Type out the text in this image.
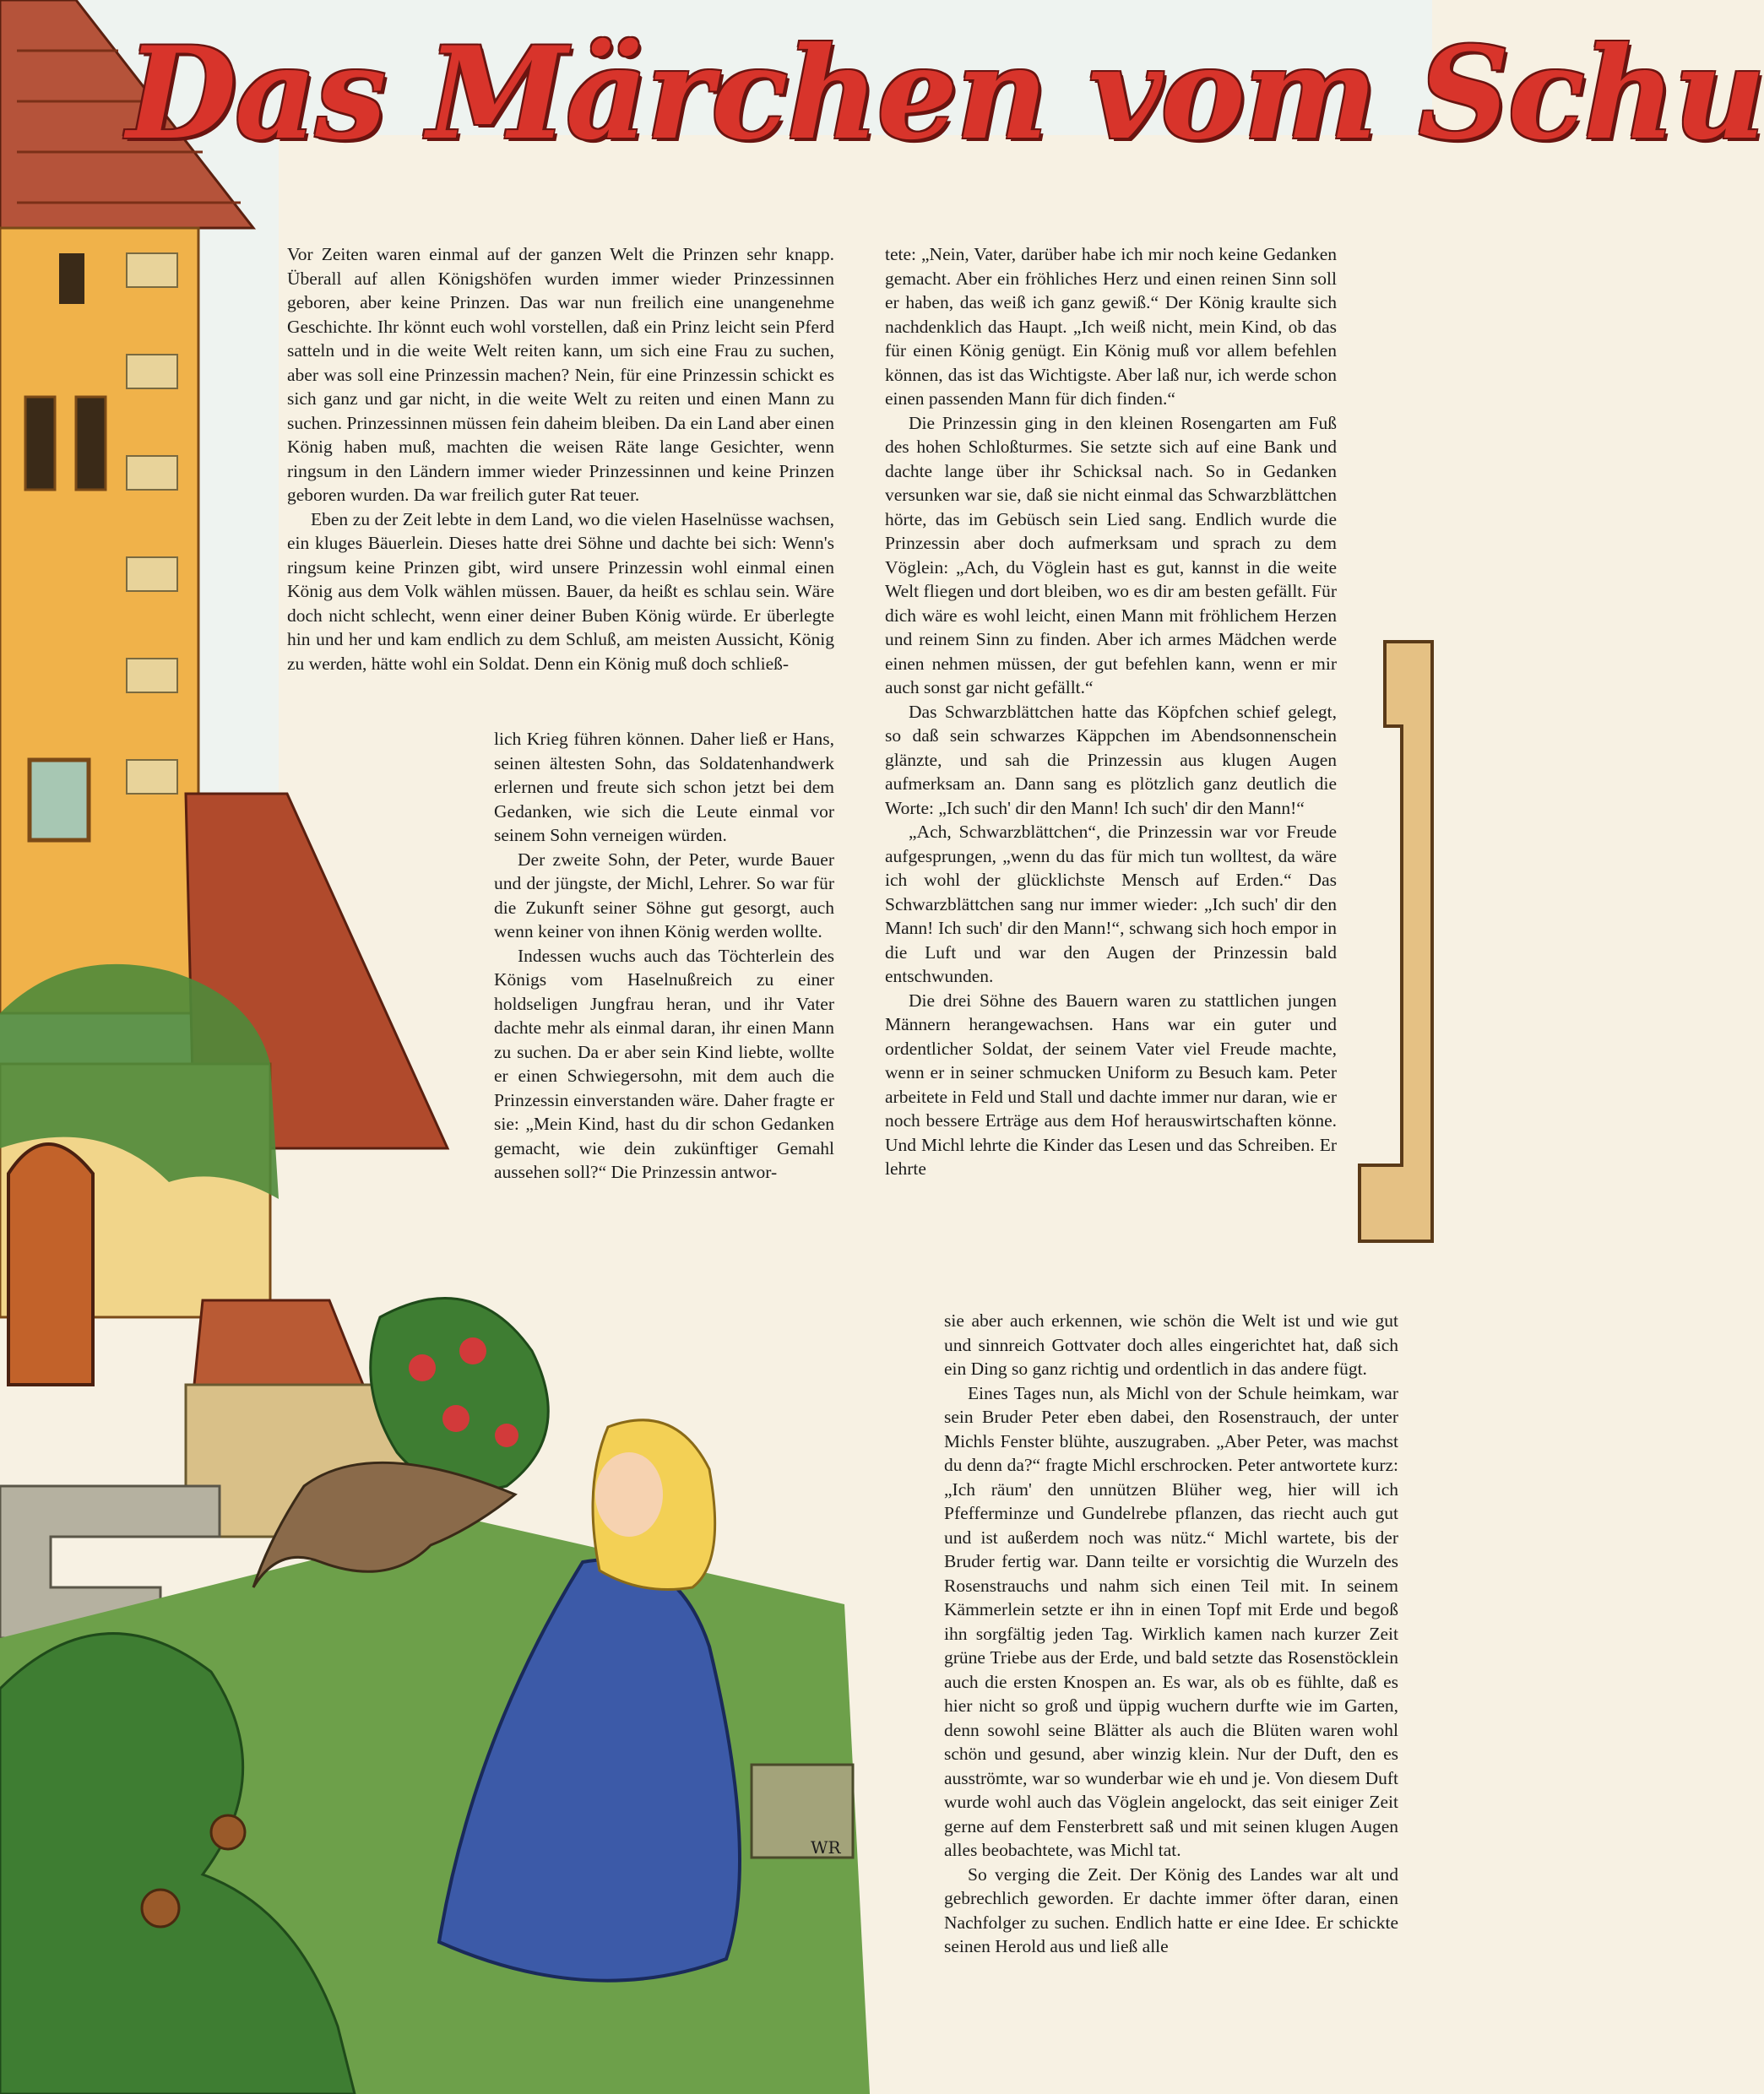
WR
Das Märchen vom Schu

Vor Zeiten waren einmal auf der ganzen Welt die Prinzen sehr knapp. Überall auf allen Königshöfen wurden immer wieder Prinzessinnen geboren, aber keine Prinzen. Das war nun freilich eine unangenehme Geschichte. Ihr könnt euch wohl vorstellen, daß ein Prinz leicht sein Pferd satteln und in die weite Welt reiten kann, um sich eine Frau zu suchen, aber was soll eine Prinzessin machen? Nein, für eine Prinzessin schickt es sich ganz und gar nicht, in die weite Welt zu reiten und einen Mann zu suchen. Prinzessinnen müssen fein daheim bleiben. Da ein Land aber einen König haben muß, machten die weisen Räte lange Gesichter, wenn ringsum in den Ländern immer wieder Prinzessinnen und keine Prinzen geboren wurden. Da war freilich guter Rat teuer.

Eben zu der Zeit lebte in dem Land, wo die vielen Haselnüsse wachsen, ein kluges Bäuerlein. Dieses hatte drei Söhne und dachte bei sich: Wenn's ringsum keine Prinzen gibt, wird unsere Prinzessin wohl einmal einen König aus dem Volk wählen müssen. Bauer, da heißt es schlau sein. Wäre doch nicht schlecht, wenn einer deiner Buben König würde. Er überlegte hin und her und kam endlich zu dem Schluß, am meisten Aussicht, König zu werden, hätte wohl ein Soldat. Denn ein König muß doch schließ-

lich Krieg führen können. Daher ließ er Hans, seinen ältesten Sohn, das Soldatenhandwerk erlernen und freute sich schon jetzt bei dem Gedanken, wie sich die Leute einmal vor seinem Sohn verneigen würden.

Der zweite Sohn, der Peter, wurde Bauer und der jüngste, der Michl, Lehrer. So war für die Zukunft seiner Söhne gut gesorgt, auch wenn keiner von ihnen König werden wollte.

Indessen wuchs auch das Töchterlein des Königs vom Haselnußreich zu einer holdseligen Jungfrau heran, und ihr Vater dachte mehr als einmal daran, ihr einen Mann zu suchen. Da er aber sein Kind liebte, wollte er einen Schwiegersohn, mit dem auch die Prinzessin einverstanden wäre. Daher fragte er sie: „Mein Kind, hast du dir schon Gedanken gemacht, wie dein zukünftiger Gemahl aussehen soll?“ Die Prinzessin antwor-

tete: „Nein, Vater, darüber habe ich mir noch keine Gedanken gemacht. Aber ein fröhliches Herz und einen reinen Sinn soll er haben, das weiß ich ganz gewiß.“ Der König kraulte sich nachdenklich das Haupt. „Ich weiß nicht, mein Kind, ob das für einen König genügt. Ein König muß vor allem befehlen können, das ist das Wichtigste. Aber laß nur, ich werde schon einen passenden Mann für dich finden.“

Die Prinzessin ging in den kleinen Rosengarten am Fuß des hohen Schloßturmes. Sie setzte sich auf eine Bank und dachte lange über ihr Schicksal nach. So in Gedanken versunken war sie, daß sie nicht einmal das Schwarzblättchen hörte, das im Gebüsch sein Lied sang. Endlich wurde die Prinzessin aber doch aufmerksam und sprach zu dem Vöglein: „Ach, du Vöglein hast es gut, kannst in die weite Welt fliegen und dort bleiben, wo es dir am besten gefällt. Für dich wäre es wohl leicht, einen Mann mit fröhlichem Herzen und reinem Sinn zu finden. Aber ich armes Mädchen werde einen nehmen müssen, der gut befehlen kann, wenn er mir auch sonst gar nicht gefällt.“

Das Schwarzblättchen hatte das Köpfchen schief gelegt, so daß sein schwarzes Käppchen im Abendsonnenschein glänzte, und sah die Prinzessin aus klugen Augen aufmerksam an. Dann sang es plötzlich ganz deutlich die Worte: „Ich such' dir den Mann! Ich such' dir den Mann!“

„Ach, Schwarzblättchen“, die Prinzessin war vor Freude aufgesprungen, „wenn du das für mich tun wolltest, da wäre ich wohl der glücklichste Mensch auf Erden.“ Das Schwarzblättchen sang nur immer wieder: „Ich such' dir den Mann! Ich such' dir den Mann!“, schwang sich hoch empor in die Luft und war den Augen der Prinzessin bald entschwunden.

Die drei Söhne des Bauern waren zu stattlichen jungen Männern herangewachsen. Hans war ein guter und ordentlicher Soldat, der seinem Vater viel Freude machte, wenn er in seiner schmucken Uniform zu Besuch kam. Peter arbeitete in Feld und Stall und dachte immer nur daran, wie er noch bessere Erträge aus dem Hof herauswirtschaften könne. Und Michl lehrte die Kinder das Lesen und das Schreiben. Er lehrte

sie aber auch erkennen, wie schön die Welt ist und wie gut und sinnreich Gottvater doch alles eingerichtet hat, daß sich ein Ding so ganz richtig und ordentlich in das andere fügt.

Eines Tages nun, als Michl von der Schule heimkam, war sein Bruder Peter eben dabei, den Rosenstrauch, der unter Michls Fenster blühte, auszugraben. „Aber Peter, was machst du denn da?“ fragte Michl erschrocken. Peter antwortete kurz: „Ich räum' den unnützen Blüher weg, hier will ich Pfefferminze und Gundelrebe pflanzen, das riecht auch gut und ist außerdem noch was nütz.“ Michl wartete, bis der Bruder fertig war. Dann teilte er vorsichtig die Wurzeln des Rosenstrauchs und nahm sich einen Teil mit. In seinem Kämmerlein setzte er ihn in einen Topf mit Erde und begoß ihn sorgfältig jeden Tag. Wirklich kamen nach kurzer Zeit grüne Triebe aus der Erde, und bald setzte das Rosenstöcklein auch die ersten Knospen an. Es war, als ob es fühlte, daß es hier nicht so groß und üppig wuchern durfte wie im Garten, denn sowohl seine Blätter als auch die Blüten waren wohl schön und gesund, aber winzig klein. Nur der Duft, den es ausströmte, war so wunderbar wie eh und je. Von diesem Duft wurde wohl auch das Vöglein angelockt, das seit einiger Zeit gerne auf dem Fensterbrett saß und mit seinen klugen Augen alles beobachtete, was Michl tat.

So verging die Zeit. Der König des Landes war alt und gebrechlich geworden. Er dachte immer öfter daran, einen Nachfolger zu suchen. Endlich hatte er eine Idee. Er schickte seinen Herold aus und ließ alle
